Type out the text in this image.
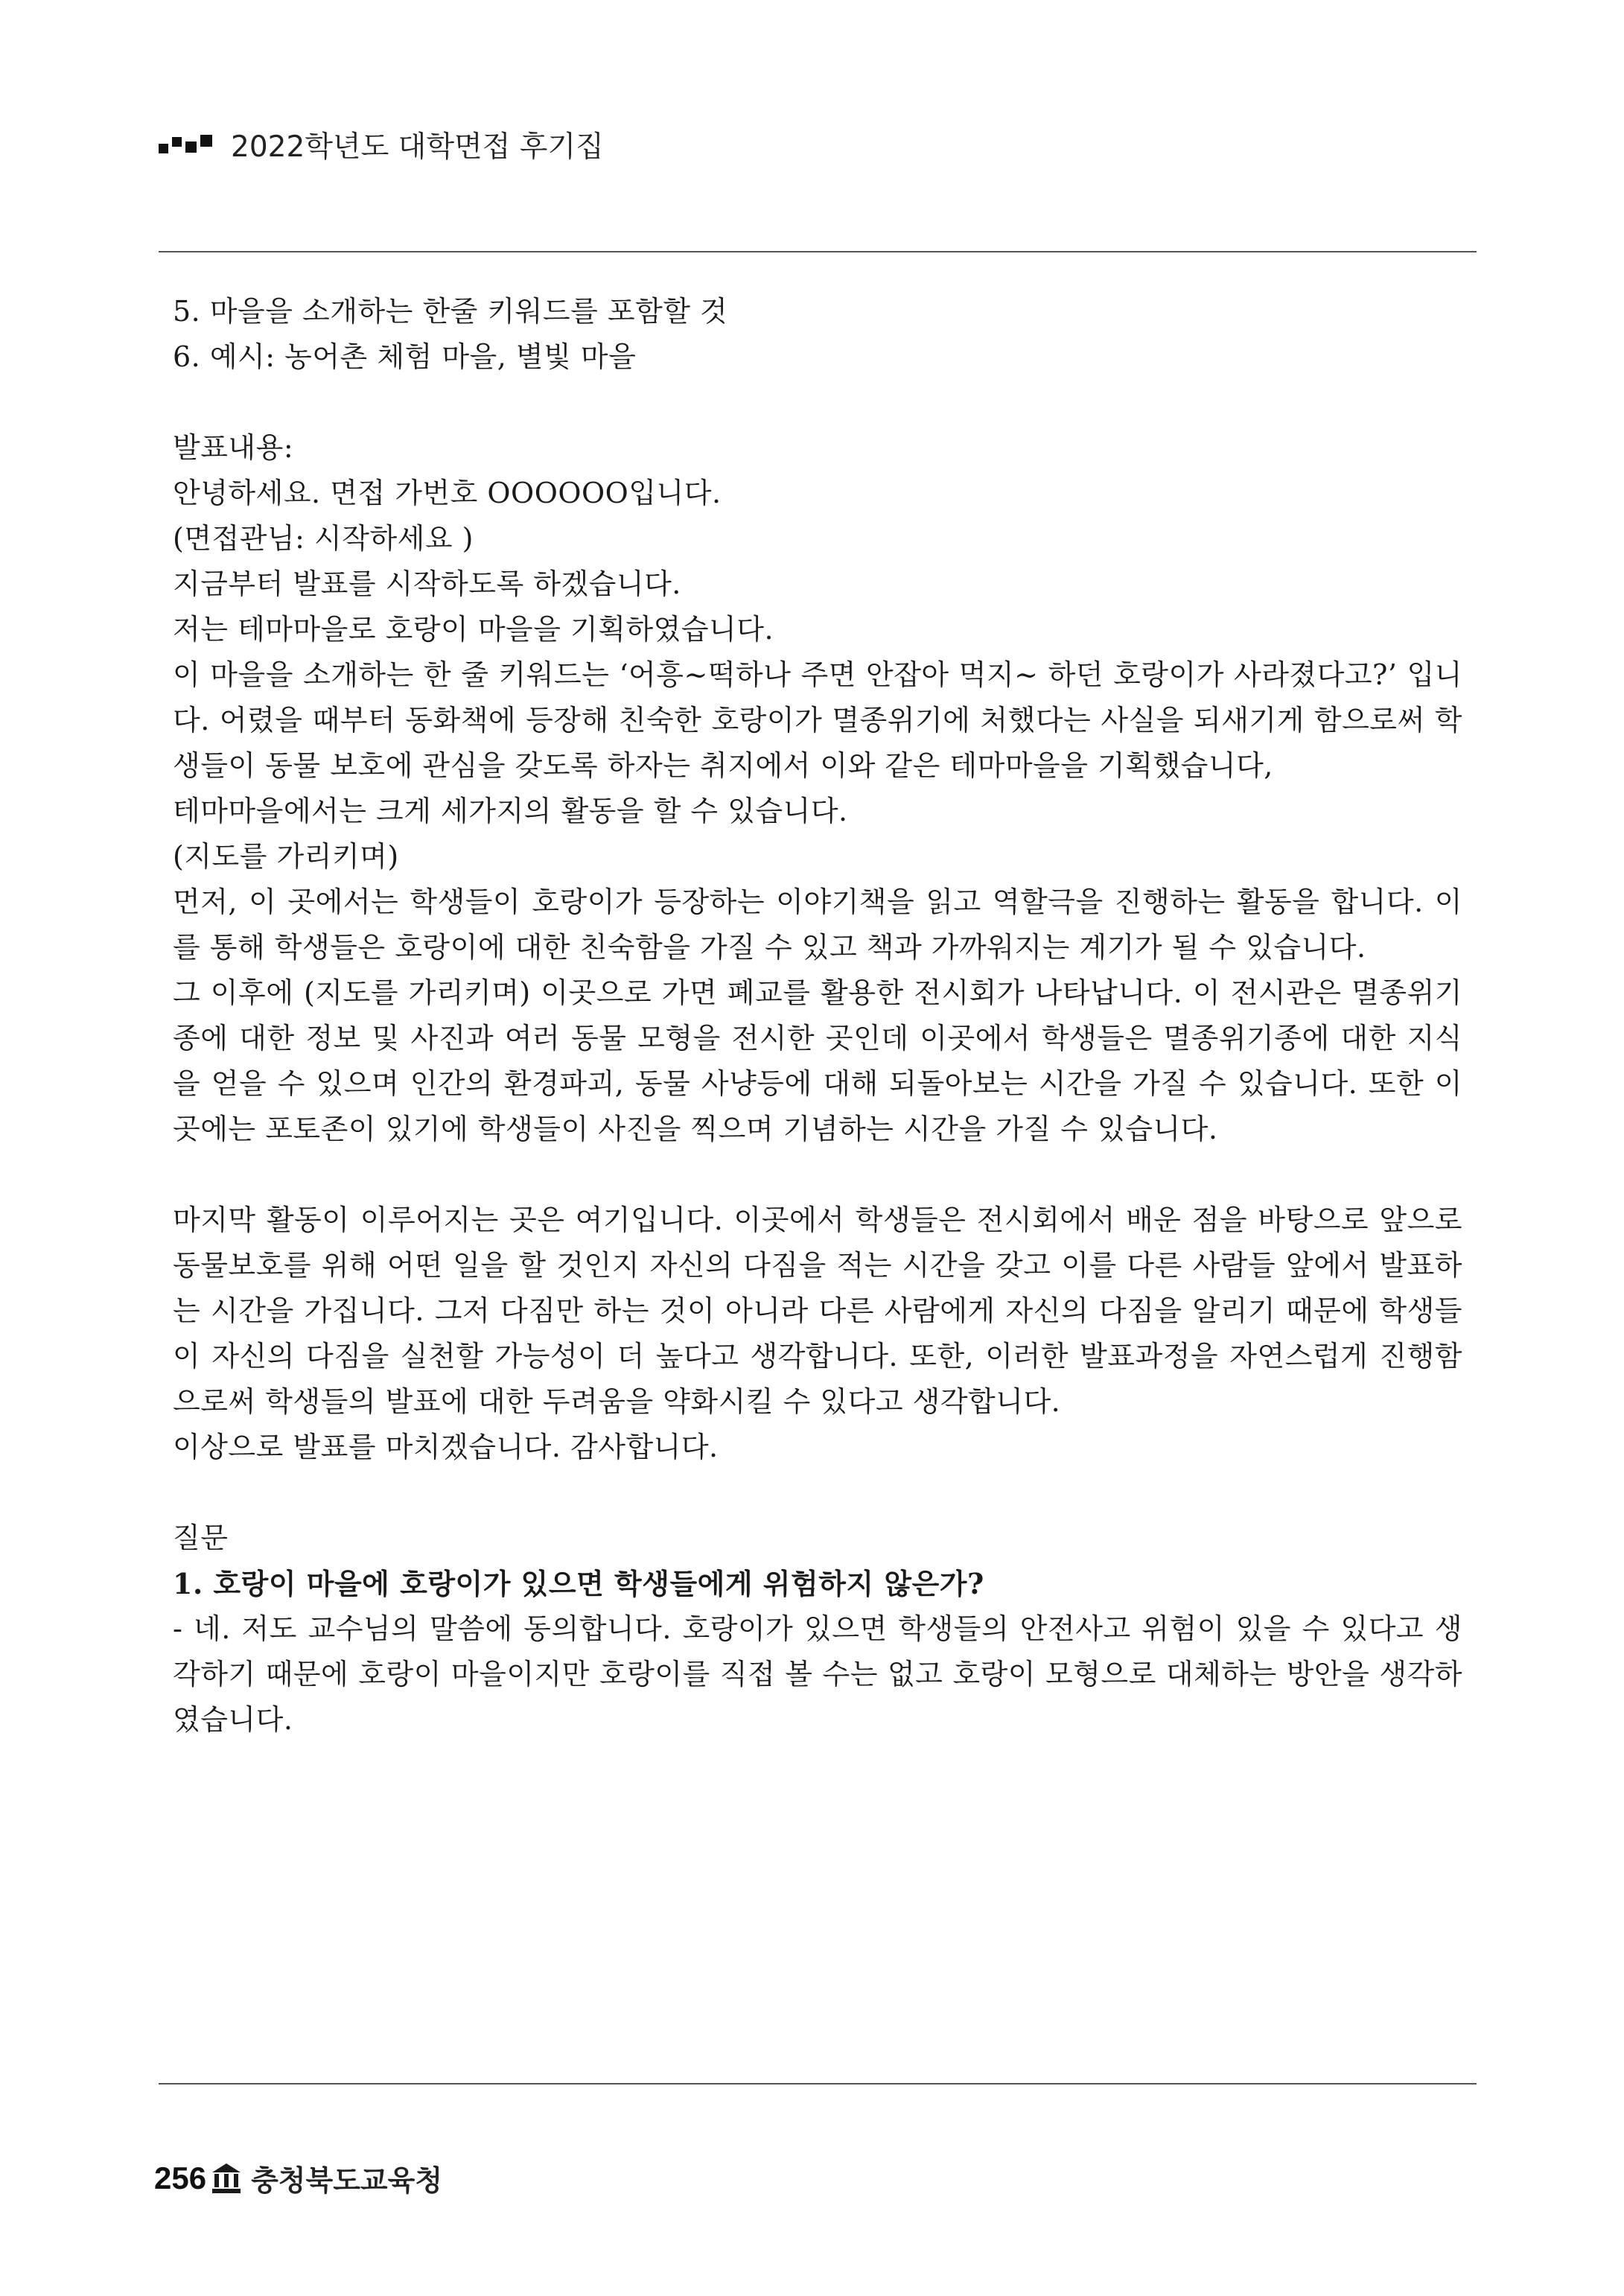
2022학년도 대학면접 후기집

5. 마을을 소개하는 한줄 키워드를 포함할 것

6. 예시: 농어촌 체험 마을, 별빛 마을

발표내용:

안녕하세요. 면접 가번호 OOOOOO입니다.

(면접관님: 시작하세요 )

지금부터 발표를 시작하도록 하겠습니다.

저는 테마마을로 호랑이 마을을 기획하였습니다.

이 마을을 소개하는 한 줄 키워드는 ‘어흥~떡하나 주면 안잡아 먹지~ 하던 호랑이가 사라졌다고?’ 입니다. 어렸을 때부터 동화책에 등장해 친숙한 호랑이가 멸종위기에 처했다는 사실을 되새기게 함으로써 학생들이 동물 보호에 관심을 갖도록 하자는 취지에서 이와 같은 테마마을을 기획했습니다,

테마마을에서는 크게 세가지의 활동을 할 수 있습니다.

(지도를 가리키며)

먼저, 이 곳에서는 학생들이 호랑이가 등장하는 이야기책을 읽고 역할극을 진행하는 활동을 합니다. 이를 통해 학생들은 호랑이에 대한 친숙함을 가질 수 있고 책과 가까워지는 계기가 될 수 있습니다.

그 이후에 (지도를 가리키며) 이곳으로 가면 폐교를 활용한 전시회가 나타납니다. 이 전시관은 멸종위기종에 대한 정보 및 사진과 여러 동물 모형을 전시한 곳인데 이곳에서 학생들은 멸종위기종에 대한 지식을 얻을 수 있으며 인간의 환경파괴, 동물 사냥등에 대해 되돌아보는 시간을 가질 수 있습니다. 또한 이곳에는 포토존이 있기에 학생들이 사진을 찍으며 기념하는 시간을 가질 수 있습니다.

마지막 활동이 이루어지는 곳은 여기입니다. 이곳에서 학생들은 전시회에서 배운 점을 바탕으로 앞으로 동물보호를 위해 어떤 일을 할 것인지 자신의 다짐을 적는 시간을 갖고 이를 다른 사람들 앞에서 발표하는 시간을 가집니다. 그저 다짐만 하는 것이 아니라 다른 사람에게 자신의 다짐을 알리기 때문에 학생들이 자신의 다짐을 실천할 가능성이 더 높다고 생각합니다. 또한, 이러한 발표과정을 자연스럽게 진행함으로써 학생들의 발표에 대한 두려움을 약화시킬 수 있다고 생각합니다.

이상으로 발표를 마치겠습니다. 감사합니다.

질문

1. 호랑이 마을에 호랑이가 있으면 학생들에게 위험하지 않은가?

- 네. 저도 교수님의 말씀에 동의합니다. 호랑이가 있으면 학생들의 안전사고 위험이 있을 수 있다고 생각하기 때문에 호랑이 마을이지만 호랑이를 직접 볼 수는 없고 호랑이 모형으로 대체하는 방안을 생각하였습니다.

256 충청북도교육청
